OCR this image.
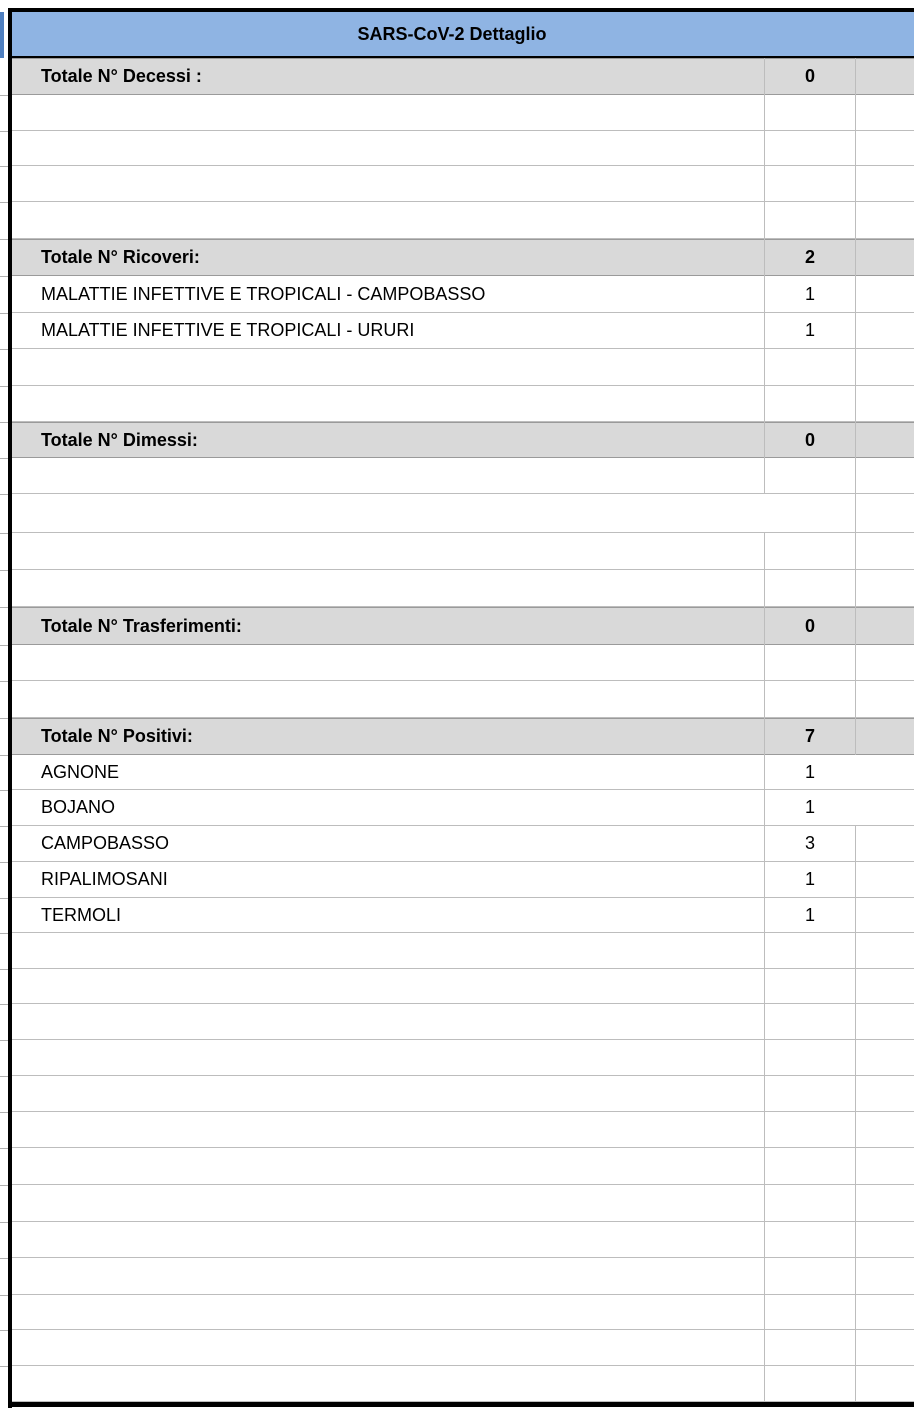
SARS-CoV-2 Dettaglio
Totale N° Decessi :	0
Totale N° Ricoveri:	2
MALATTIE INFETTIVE E TROPICALI - CAMPOBASSO	1
MALATTIE INFETTIVE E TROPICALI - URURI	1
Totale N° Dimessi:	0
Totale N° Trasferimenti:	0
Totale N° Positivi:	7
AGNONE	1
BOJANO	1
CAMPOBASSO	3
RIPALIMOSANI	1
TERMOLI	1
